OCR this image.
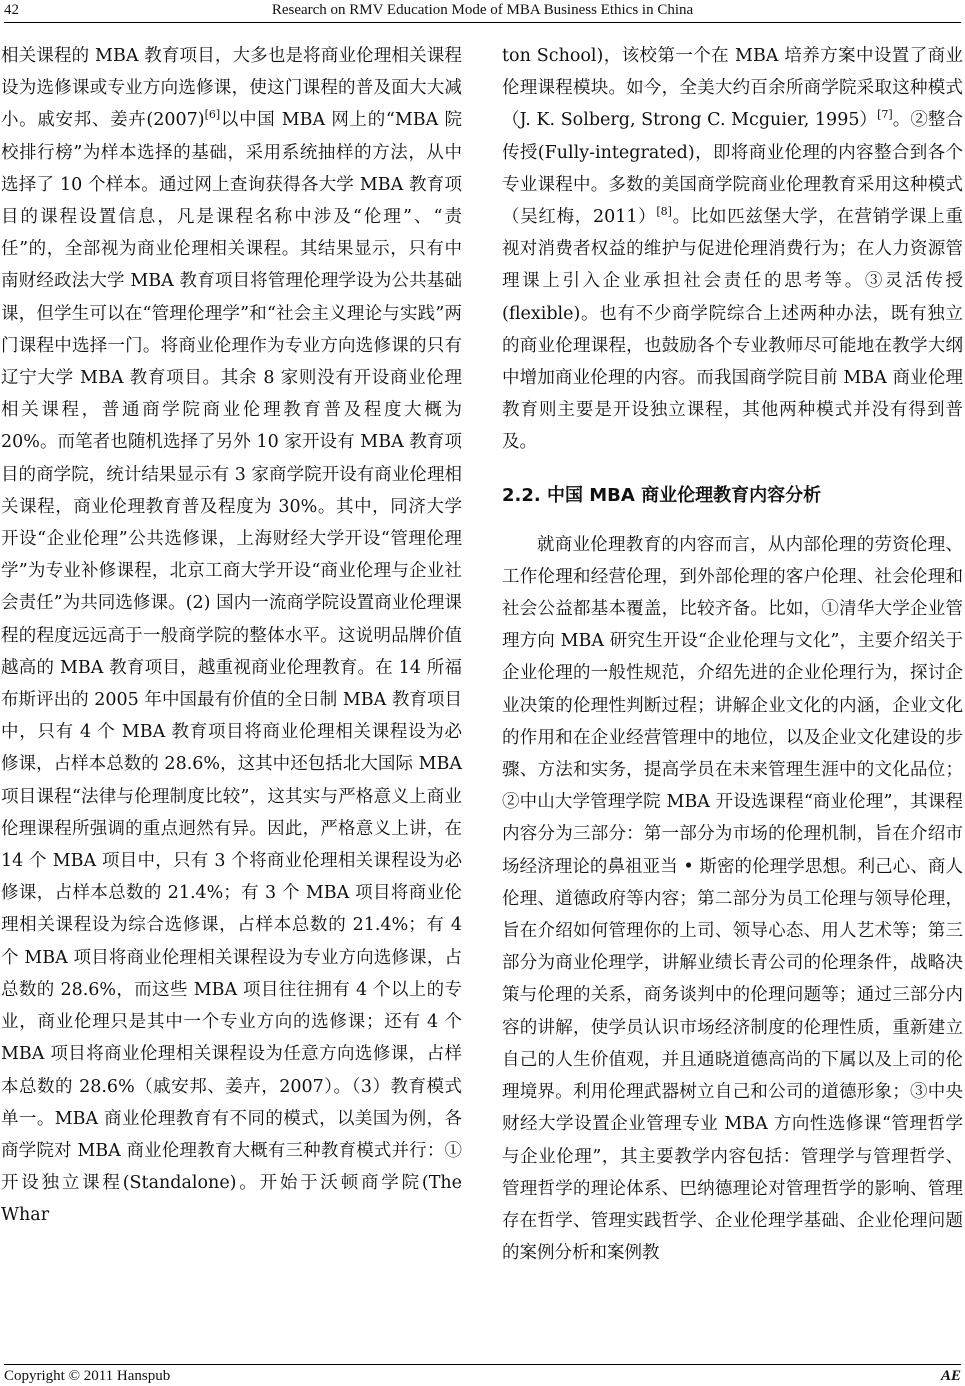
42	Research on RMV Education Mode of MBA Business Ethics in China

相关课程的 MBA 教育项目，大多也是将商业伦理相关课程设为选修课或专业方向选修课，使这门课程的普及面大大减小。戚安邦、姜卉(2007)[6]以中国 MBA 网上的“MBA 院校排行榜”为样本选择的基础，采用系统抽样的方法，从中选择了 10 个样本。通过网上查询获得各大学 MBA 教育项目的课程设置信息，凡是课程名称中涉及“伦理”、“责任”的，全部视为商业伦理相关课程。其结果显示，只有中南财经政法大学 MBA 教育项目将管理伦理学设为公共基础课，但学生可以在“管理伦理学”和“社会主义理论与实践”两门课程中选择一门。将商业伦理作为专业方向选修课的只有辽宁大学 MBA 教育项目。其余 8 家则没有开设商业伦理相关课程，普通商学院商业伦理教育普及程度大概为 20%。而笔者也随机选择了另外 10 家开设有 MBA 教育项目的商学院，统计结果显示有 3 家商学院开设有商业伦理相关课程，商业伦理教育普及程度为 30%。其中，同济大学开设“企业伦理”公共选修课，上海财经大学开设“管理伦理学”为专业补修课程，北京工商大学开设“商业伦理与企业社会责任”为共同选修课。(2) 国内一流商学院设置商业伦理课程的程度远远高于一般商学院的整体水平。这说明品牌价值越高的 MBA 教育项目，越重视商业伦理教育。在 14 所福布斯评出的 2005 年中国最有价值的全日制 MBA 教育项目中，只有 4 个 MBA 教育项目将商业伦理相关课程设为必修课，占样本总数的 28.6%，这其中还包括北大国际 MBA 项目课程“法律与伦理制度比较”，这其实与严格意义上商业伦理课程所强调的重点迥然有异。因此，严格意义上讲，在 14 个 MBA 项目中，只有 3 个将商业伦理相关课程设为必修课，占样本总数的 21.4%；有 3 个 MBA 项目将商业伦理相关课程设为综合选修课，占样本总数的 21.4%；有 4 个 MBA 项目将商业伦理相关课程设为专业方向选修课，占总数的 28.6%，而这些 MBA 项目往往拥有 4 个以上的专业，商业伦理只是其中一个专业方向的选修课；还有 4 个 MBA 项目将商业伦理相关课程设为任意方向选修课，占样本总数的 28.6%（戚安邦、姜卉，2007）。（3）教育模式单一。MBA 商业伦理教育有不同的模式，以美国为例，各商学院对 MBA 商业伦理教育大概有三种教育模式并行：①开设独立课程(Standalone)。开始于沃顿商学院(The Whar

ton School)，该校第一个在 MBA 培养方案中设置了商业伦理课程模块。如今，全美大约百余所商学院采取这种模式（J. K. Solberg, Strong C. Mcguier, 1995）[7]。②整合传授(Fully-integrated)，即将商业伦理的内容整合到各个专业课程中。多数的美国商学院商业伦理教育采用这种模式（吴红梅，2011）[8]。比如匹兹堡大学，在营销学课上重视对消费者权益的维护与促进伦理消费行为；在人力资源管理课上引入企业承担社会责任的思考等。③灵活传授(flexible)。也有不少商学院综合上述两种办法，既有独立的商业伦理课程，也鼓励各个专业教师尽可能地在教学大纲中增加商业伦理的内容。而我国商学院目前 MBA 商业伦理教育则主要是开设独立课程，其他两种模式并没有得到普及。

2.2. 中国 MBA 商业伦理教育内容分析

就商业伦理教育的内容而言，从内部伦理的劳资伦理、工作伦理和经营伦理，到外部伦理的客户伦理、社会伦理和社会公益都基本覆盖，比较齐备。比如，①清华大学企业管理方向 MBA 研究生开设“企业伦理与文化”，主要介绍关于企业伦理的一般性规范，介绍先进的企业伦理行为，探讨企业决策的伦理性判断过程；讲解企业文化的内涵，企业文化的作用和在企业经营管理中的地位，以及企业文化建设的步骤、方法和实务，提高学员在未来管理生涯中的文化品位；②中山大学管理学院 MBA 开设选课程“商业伦理”，其课程内容分为三部分：第一部分为市场的伦理机制，旨在介绍市场经济理论的鼻祖亚当 • 斯密的伦理学思想。利己心、商人伦理、道德政府等内容；第二部分为员工伦理与领导伦理，旨在介绍如何管理你的上司、领导心态、用人艺术等；第三部分为商业伦理学，讲解业绩长青公司的伦理条件，战略决策与伦理的关系，商务谈判中的伦理问题等；通过三部分内容的讲解，使学员认识市场经济制度的伦理性质，重新建立自己的人生价值观，并且通晓道德高尚的下属以及上司的伦理境界。利用伦理武器树立自己和公司的道德形象；③中央财经大学设置企业管理专业 MBA 方向性选修课“管理哲学与企业伦理”，其主要教学内容包括：管理学与管理哲学、管理哲学的理论体系、巴纳德理论对管理哲学的影响、管理存在哲学、管理实践哲学、企业伦理学基础、企业伦理问题的案例分析和案例教

Copyright © 2011 Hanspub	AE
